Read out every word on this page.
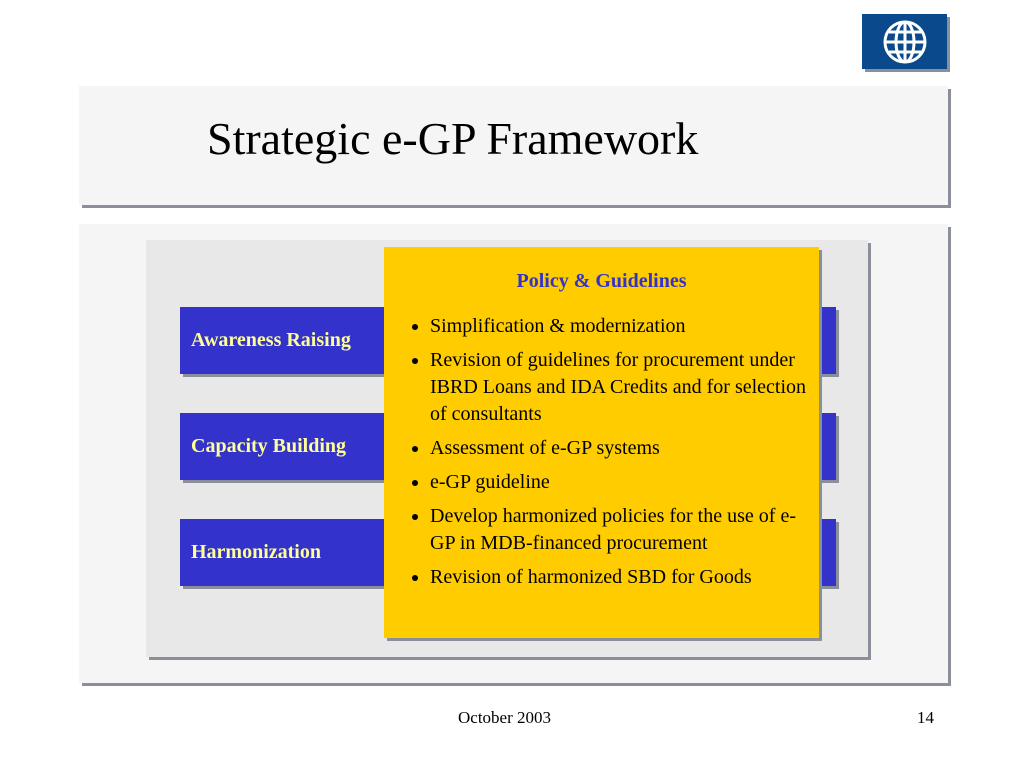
Strategic e-GP Framework
Awareness Raising
Capacity Building
Harmonization
Policy & Guidelines
• Simplification & modernization
• Revision of guidelines for procurement under IBRD Loans and IDA Credits and for selection of consultants
• Assessment of e-GP systems
• e-GP guideline
• Develop harmonized policies for the use of e-GP in MDB-financed procurement
• Revision of harmonized SBD for Goods
October 2003	14
